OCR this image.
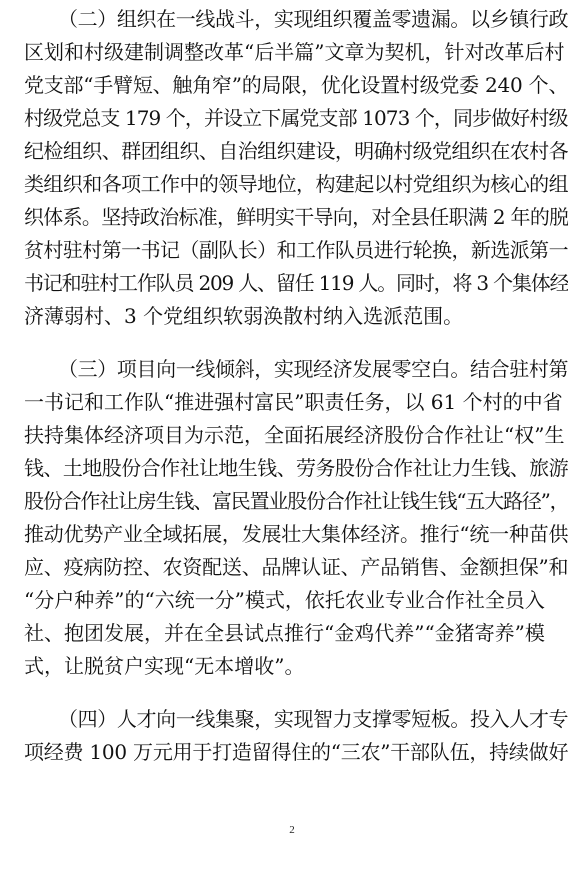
（二）组织在一线战斗，实现组织覆盖零遗漏。以乡镇行政
区划和村级建制调整改革“后半篇”文章为契机，针对改革后村
党支部“手臂短、触角窄”的局限，优化设置村级党委 240 个、
村级党总支 179 个，并设立下属党支部 1073 个，同步做好村级
纪检组织、群团组织、自治组织建设，明确村级党组织在农村各
类组织和各项工作中的领导地位，构建起以村党组织为核心的组
织体系。坚持政治标准，鲜明实干导向，对全县任职满 2 年的脱
贫村驻村第一书记（副队长）和工作队员进行轮换，新选派第一
书记和驻村工作队员 209 人、留任 119 人。同时，将 3 个集体经
济薄弱村、3 个党组织软弱涣散村纳入选派范围。
（三）项目向一线倾斜，实现经济发展零空白。结合驻村第
一书记和工作队“推进强村富民”职责任务，以 61 个村的中省
扶持集体经济项目为示范，全面拓展经济股份合作社让“权”生
钱、土地股份合作社让地生钱、劳务股份合作社让力生钱、旅游
股份合作社让房生钱、富民置业股份合作社让钱生钱“五大路径”，
推动优势产业全域拓展，发展壮大集体经济。推行“统一种苗供
应、疫病防控、农资配送、品牌认证、产品销售、金额担保”和
“分户种养”的“六统一分”模式，依托农业专业合作社全员入
社、抱团发展，并在全县试点推行“金鸡代养”“金猪寄养”模
式，让脱贫户实现“无本增收”。
（四）人才向一线集聚，实现智力支撑零短板。投入人才专
项经费 100 万元用于打造留得住的“三农”干部队伍，持续做好
2
